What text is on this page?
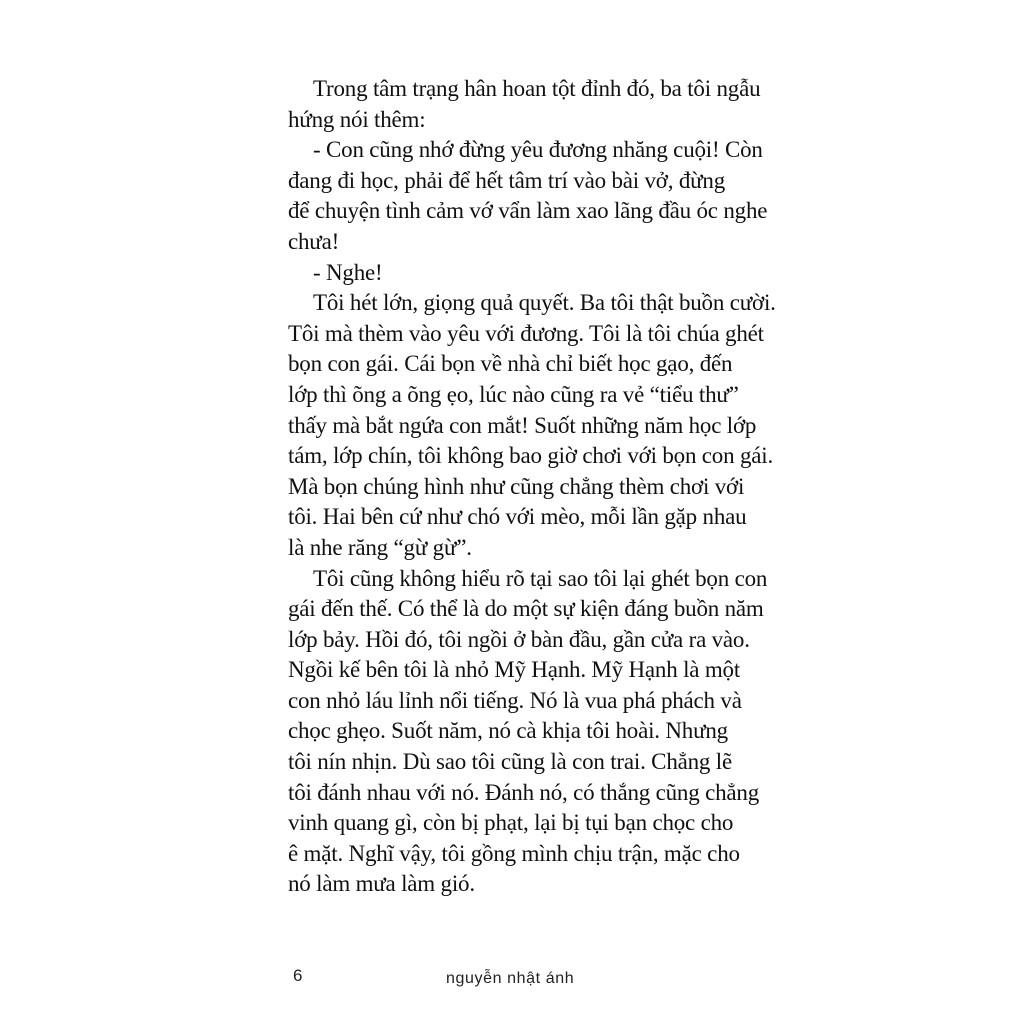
Trong tâm trạng hân hoan tột đỉnh đó, ba tôi ngẫu
hứng nói thêm:
- Con cũng nhớ đừng yêu đương nhăng cuội! Còn
đang đi học, phải để hết tâm trí vào bài vở, đừng
để chuyện tình cảm vớ vẩn làm xao lãng đầu óc nghe
chưa!
- Nghe!
Tôi hét lớn, giọng quả quyết. Ba tôi thật buồn cười.
Tôi mà thèm vào yêu với đương. Tôi là tôi chúa ghét
bọn con gái. Cái bọn về nhà chỉ biết học gạo, đến
lớp thì õng a õng ẹo, lúc nào cũng ra vẻ “tiểu thư”
thấy mà bắt ngứa con mắt! Suốt những năm học lớp
tám, lớp chín, tôi không bao giờ chơi với bọn con gái.
Mà bọn chúng hình như cũng chẳng thèm chơi với
tôi. Hai bên cứ như chó với mèo, mỗi lần gặp nhau
là nhe răng “gừ gừ”.
Tôi cũng không hiểu rõ tại sao tôi lại ghét bọn con
gái đến thế. Có thể là do một sự kiện đáng buồn năm
lớp bảy. Hồi đó, tôi ngồi ở bàn đầu, gần cửa ra vào.
Ngồi kế bên tôi là nhỏ Mỹ Hạnh. Mỹ Hạnh là một
con nhỏ láu lỉnh nổi tiếng. Nó là vua phá phách và
chọc ghẹo. Suốt năm, nó cà khịa tôi hoài. Nhưng
tôi nín nhịn. Dù sao tôi cũng là con trai. Chẳng lẽ
tôi đánh nhau với nó. Đánh nó, có thắng cũng chẳng
vinh quang gì, còn bị phạt, lại bị tụi bạn chọc cho
ê mặt. Nghĩ vậy, tôi gồng mình chịu trận, mặc cho
nó làm mưa làm gió.
6	nguyễn nhật ánh
